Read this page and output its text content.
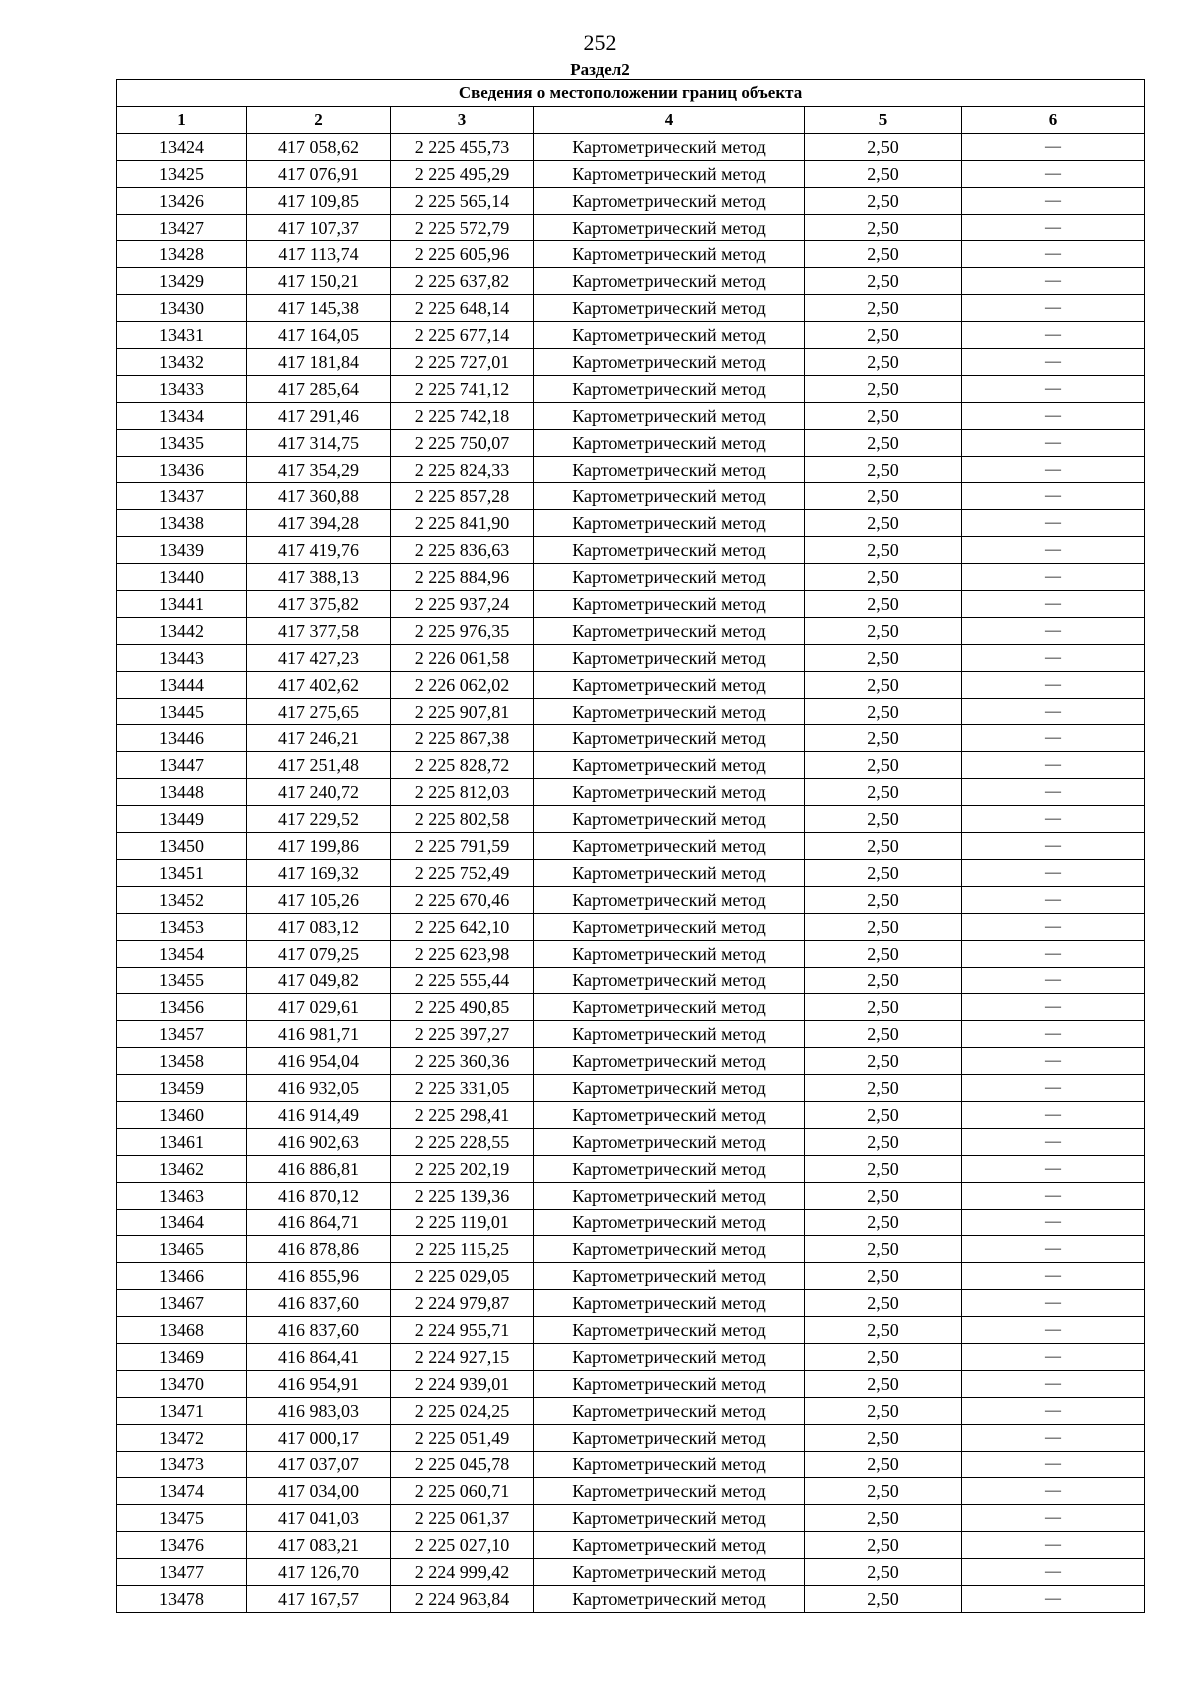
252
Раздел2
Сведения о местоположении границ объекта					
1	2	3	4	5	6
13424	417 058,62	2 225 455,73	Картометрический метод	2,50	—
13425	417 076,91	2 225 495,29	Картометрический метод	2,50	—
13426	417 109,85	2 225 565,14	Картометрический метод	2,50	—
13427	417 107,37	2 225 572,79	Картометрический метод	2,50	—
13428	417 113,74	2 225 605,96	Картометрический метод	2,50	—
13429	417 150,21	2 225 637,82	Картометрический метод	2,50	—
13430	417 145,38	2 225 648,14	Картометрический метод	2,50	—
13431	417 164,05	2 225 677,14	Картометрический метод	2,50	—
13432	417 181,84	2 225 727,01	Картометрический метод	2,50	—
13433	417 285,64	2 225 741,12	Картометрический метод	2,50	—
13434	417 291,46	2 225 742,18	Картометрический метод	2,50	—
13435	417 314,75	2 225 750,07	Картометрический метод	2,50	—
13436	417 354,29	2 225 824,33	Картометрический метод	2,50	—
13437	417 360,88	2 225 857,28	Картометрический метод	2,50	—
13438	417 394,28	2 225 841,90	Картометрический метод	2,50	—
13439	417 419,76	2 225 836,63	Картометрический метод	2,50	—
13440	417 388,13	2 225 884,96	Картометрический метод	2,50	—
13441	417 375,82	2 225 937,24	Картометрический метод	2,50	—
13442	417 377,58	2 225 976,35	Картометрический метод	2,50	—
13443	417 427,23	2 226 061,58	Картометрический метод	2,50	—
13444	417 402,62	2 226 062,02	Картометрический метод	2,50	—
13445	417 275,65	2 225 907,81	Картометрический метод	2,50	—
13446	417 246,21	2 225 867,38	Картометрический метод	2,50	—
13447	417 251,48	2 225 828,72	Картометрический метод	2,50	—
13448	417 240,72	2 225 812,03	Картометрический метод	2,50	—
13449	417 229,52	2 225 802,58	Картометрический метод	2,50	—
13450	417 199,86	2 225 791,59	Картометрический метод	2,50	—
13451	417 169,32	2 225 752,49	Картометрический метод	2,50	—
13452	417 105,26	2 225 670,46	Картометрический метод	2,50	—
13453	417 083,12	2 225 642,10	Картометрический метод	2,50	—
13454	417 079,25	2 225 623,98	Картометрический метод	2,50	—
13455	417 049,82	2 225 555,44	Картометрический метод	2,50	—
13456	417 029,61	2 225 490,85	Картометрический метод	2,50	—
13457	416 981,71	2 225 397,27	Картометрический метод	2,50	—
13458	416 954,04	2 225 360,36	Картометрический метод	2,50	—
13459	416 932,05	2 225 331,05	Картометрический метод	2,50	—
13460	416 914,49	2 225 298,41	Картометрический метод	2,50	—
13461	416 902,63	2 225 228,55	Картометрический метод	2,50	—
13462	416 886,81	2 225 202,19	Картометрический метод	2,50	—
13463	416 870,12	2 225 139,36	Картометрический метод	2,50	—
13464	416 864,71	2 225 119,01	Картометрический метод	2,50	—
13465	416 878,86	2 225 115,25	Картометрический метод	2,50	—
13466	416 855,96	2 225 029,05	Картометрический метод	2,50	—
13467	416 837,60	2 224 979,87	Картометрический метод	2,50	—
13468	416 837,60	2 224 955,71	Картометрический метод	2,50	—
13469	416 864,41	2 224 927,15	Картометрический метод	2,50	—
13470	416 954,91	2 224 939,01	Картометрический метод	2,50	—
13471	416 983,03	2 225 024,25	Картометрический метод	2,50	—
13472	417 000,17	2 225 051,49	Картометрический метод	2,50	—
13473	417 037,07	2 225 045,78	Картометрический метод	2,50	—
13474	417 034,00	2 225 060,71	Картометрический метод	2,50	—
13475	417 041,03	2 225 061,37	Картометрический метод	2,50	—
13476	417 083,21	2 225 027,10	Картометрический метод	2,50	—
13477	417 126,70	2 224 999,42	Картометрический метод	2,50	—
13478	417 167,57	2 224 963,84	Картометрический метод	2,50	—
